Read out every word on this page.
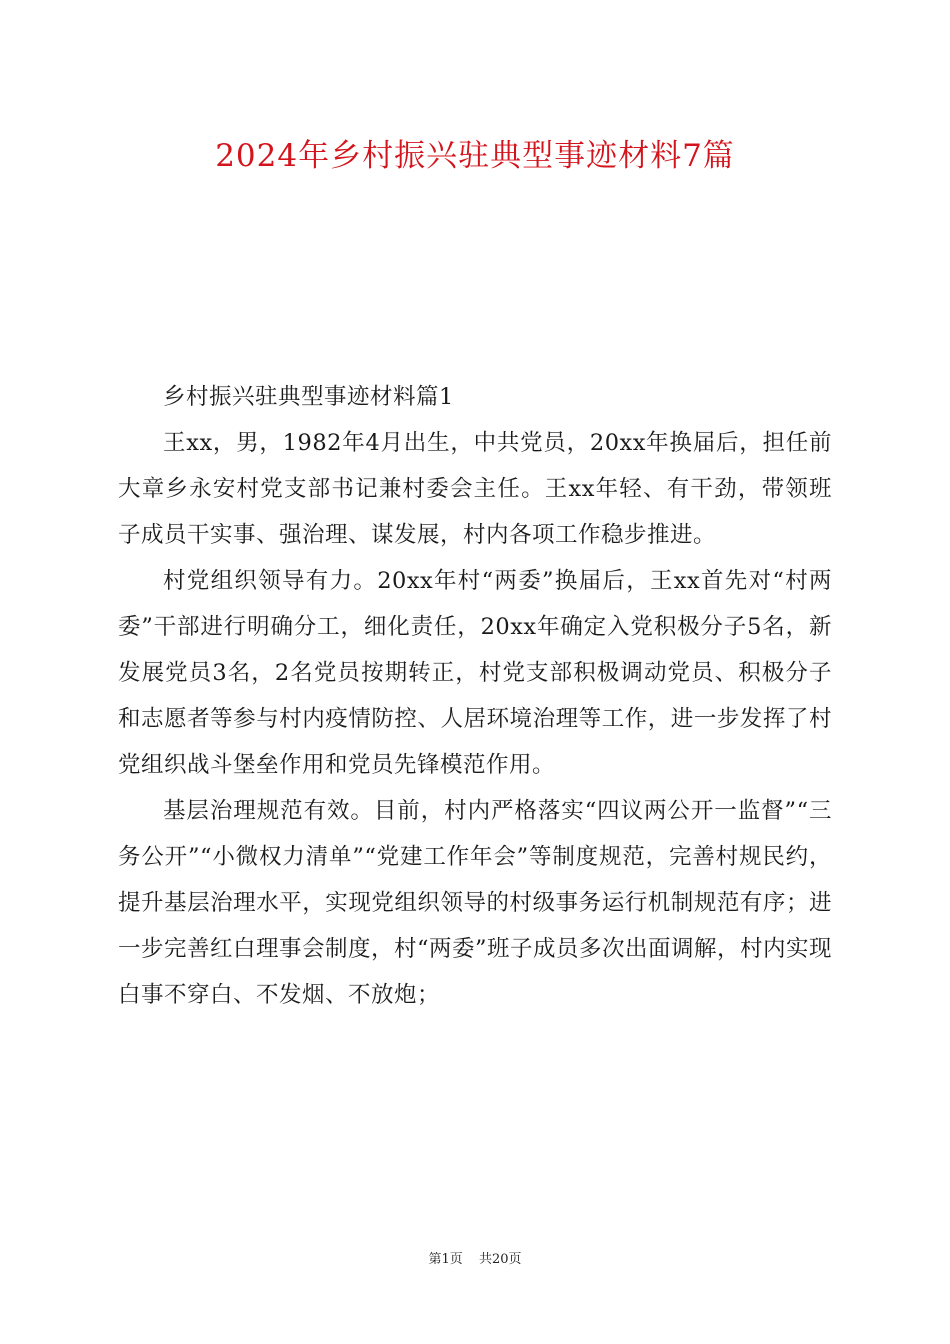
2024年乡村振兴驻典型事迹材料7篇

乡村振兴驻典型事迹材料篇1

王xx，男，1982年4月出生，中共党员，20xx年换届后，担任前大章乡永安村党支部书记兼村委会主任。王xx年轻、有干劲，带领班子成员干实事、强治理、谋发展，村内各项工作稳步推进。

村党组织领导有力。20xx年村“两委”换届后，王xx首先对“村两委”干部进行明确分工，细化责任，20xx年确定入党积极分子5名，新发展党员3名，2名党员按期转正，村党支部积极调动党员、积极分子和志愿者等参与村内疫情防控、人居环境治理等工作，进一步发挥了村党组织战斗堡垒作用和党员先锋模范作用。

基层治理规范有效。目前，村内严格落实“四议两公开一监督”“三务公开”“小微权力清单”“党建工作年会”等制度规范，完善村规民约，提升基层治理水平，实现党组织领导的村级事务运行机制规范有序；进一步完善红白理事会制度，村“两委”班子成员多次出面调解，村内实现白事不穿白、不发烟、不放炮；

第1页 共20页
